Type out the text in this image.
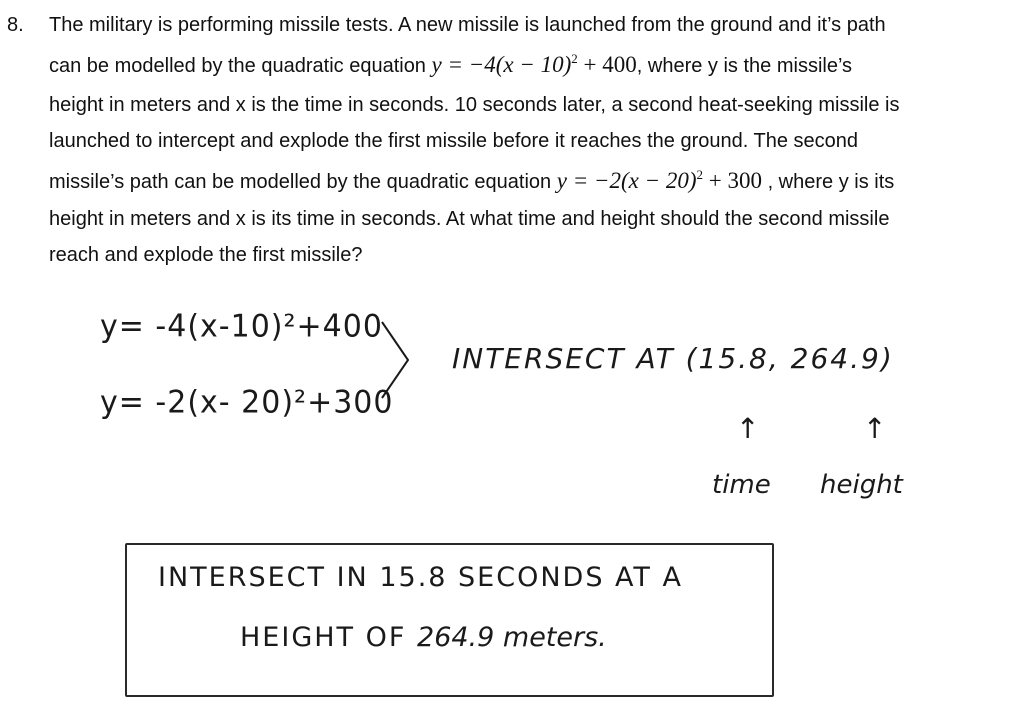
8. The military is performing missile tests. A new missile is launched from the ground and it’s path
can be modelled by the quadratic equation $y = -4(x - 10)^2 + 400$, where y is the missile’s
height in meters and x is the time in seconds. 10 seconds later, a second heat-seeking missile is
launched to intercept and explode the first missile before it reaches the ground. The second
missile’s path can be modelled by the quadratic equation $y = -2(x - 20)^2 + 300$ , where y is its
height in meters and x is its time in seconds. At what time and height should the second missile
reach and explode the first missile?
y= -4(x-10)²+400
y= -2(x- 20)²+300
INTERSECT AT (15.8, 264.9)
↑	↑
time height
INTERSECT IN 15.8 SECONDS AT A
HEIGHT OF 264.9 meters.
